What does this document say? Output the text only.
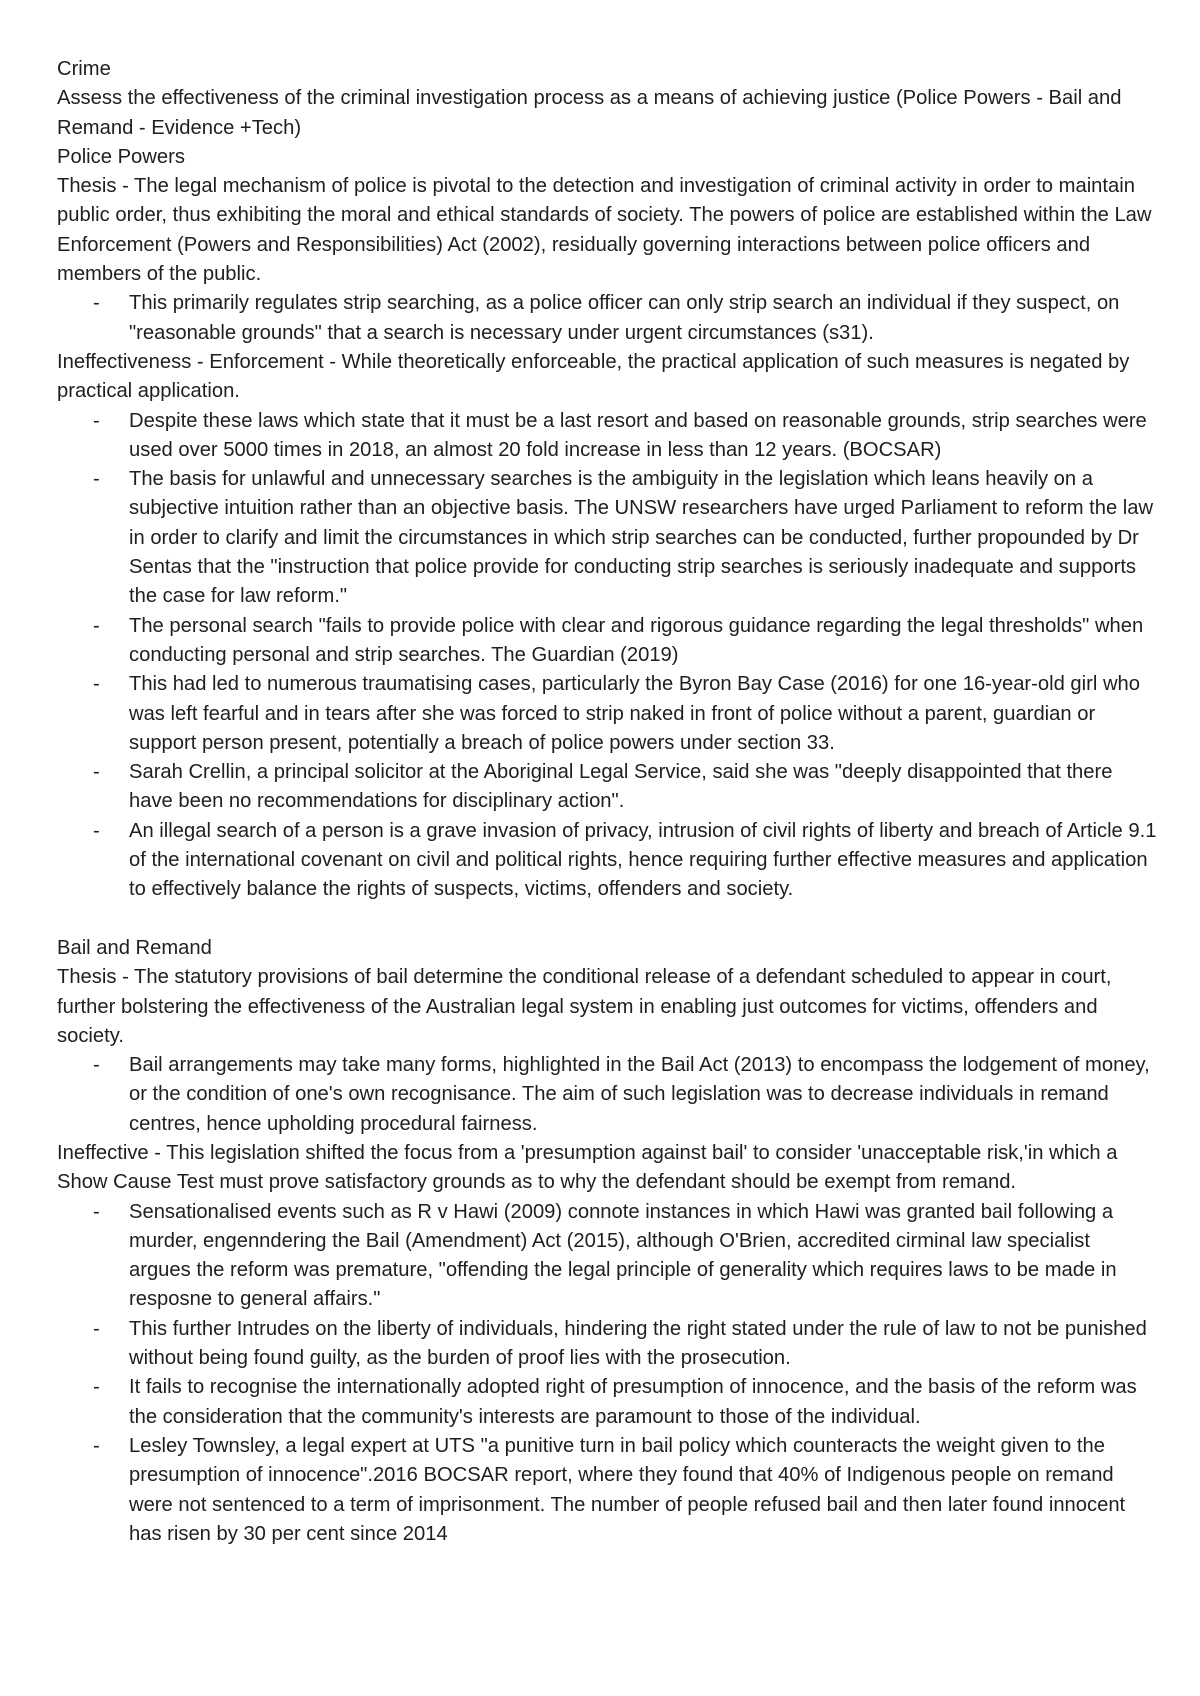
Crime

Assess the effectiveness of the criminal investigation process as a means of achieving justice (Police Powers - Bail and Remand - Evidence +Tech)

Police Powers

Thesis - The legal mechanism of police is pivotal to the detection and investigation of criminal activity in order to maintain public order, thus exhibiting the moral and ethical standards of society. The powers of police are established within the Law Enforcement (Powers and Responsibilities) Act (2002), residually governing interactions between police officers and members of the public.

- This primarily regulates strip searching, as a police officer can only strip search an individual if they suspect, on "reasonable grounds" that a search is necessary under urgent circumstances (s31).

Ineffectiveness - Enforcement - While theoretically enforceable, the practical application of such measures is negated by practical application.

- Despite these laws which state that it must be a last resort and based on reasonable grounds, strip searches were used over 5000 times in 2018, an almost 20 fold increase in less than 12 years. (BOCSAR)
- The basis for unlawful and unnecessary searches is the ambiguity in the legislation which leans heavily on a subjective intuition rather than an objective basis. The UNSW researchers have urged Parliament to reform the law in order to clarify and limit the circumstances in which strip searches can be conducted, further propounded by Dr Sentas that the "instruction that police provide for conducting strip searches is seriously inadequate and supports the case for law reform."
- The personal search "fails to provide police with clear and rigorous guidance regarding the legal thresholds" when conducting personal and strip searches. The Guardian (2019)
- This had led to numerous traumatising cases, particularly the Byron Bay Case (2016) for one 16-year-old girl who was left fearful and in tears after she was forced to strip naked in front of police without a parent, guardian or support person present, potentially a breach of police powers under section 33.
- Sarah Crellin, a principal solicitor at the Aboriginal Legal Service, said she was "deeply disappointed that there have been no recommendations for disciplinary action".
- An illegal search of a person is a grave invasion of privacy, intrusion of civil rights of liberty and breach of Article 9.1 of the international covenant on civil and political rights, hence requiring further effective measures and application to effectively balance the rights of suspects, victims, offenders and society.

Bail and Remand

Thesis - The statutory provisions of bail determine the conditional release of a defendant scheduled to appear in court, further bolstering the effectiveness of the Australian legal system in enabling just outcomes for victims, offenders and society.

- Bail arrangements may take many forms, highlighted in the Bail Act (2013) to encompass the lodgement of money, or the condition of one's own recognisance. The aim of such legislation was to decrease individuals in remand centres, hence upholding procedural fairness.

Ineffective - This legislation shifted the focus from a 'presumption against bail' to consider 'unacceptable risk,'in which a Show Cause Test must prove satisfactory grounds as to why the defendant should be exempt from remand.

- Sensationalised events such as R v Hawi (2009) connote instances in which Hawi was granted bail following a murder, engenndering the Bail (Amendment) Act (2015), although O'Brien, accredited cirminal law specialist argues the reform was premature, "offending the legal principle of generality which requires laws to be made in resposne to general affairs."
- This further Intrudes on the liberty of individuals, hindering the right stated under the rule of law to not be punished without being found guilty, as the burden of proof lies with the prosecution.
- It fails to recognise the internationally adopted right of presumption of innocence, and the basis of the reform was the consideration that the community's interests are paramount to those of the individual.
- Lesley Townsley, a legal expert at UTS "a punitive turn in bail policy which counteracts the weight given to the presumption of innocence".2016 BOCSAR report, where they found that 40% of Indigenous people on remand were not sentenced to a term of imprisonment. The number of people refused bail and then later found innocent has risen by 30 per cent since 2014
